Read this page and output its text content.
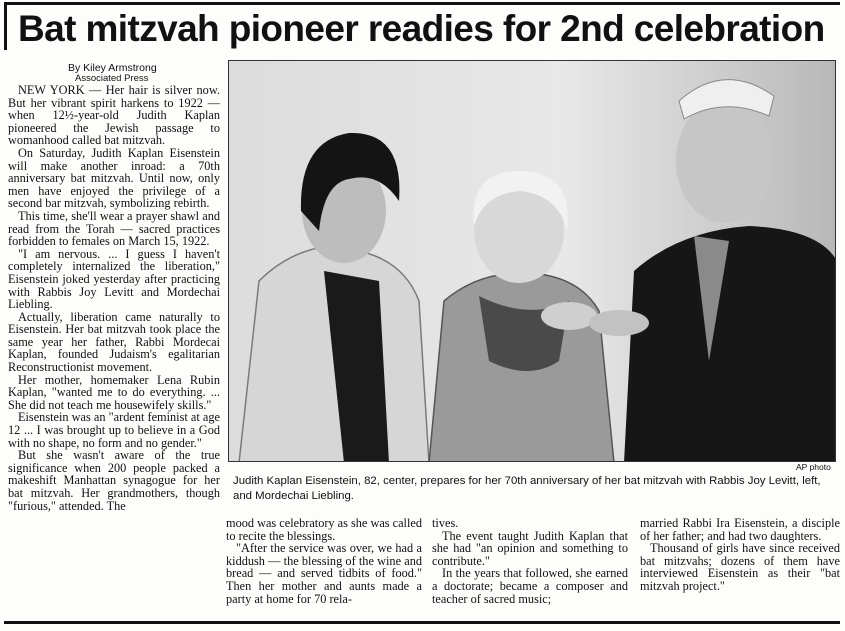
Bat mitzvah pioneer readies for 2nd celebration
By Kiley Armstrong
Associated Press

NEW YORK — Her hair is silver now. But her vibrant spirit harkens to 1922 — when 12½-year-old Judith Kaplan pioneered the Jewish passage to womanhood called bat mitzvah.

On Saturday, Judith Kaplan Eisenstein will make another inroad: a 70th anniversary bat mitzvah. Until now, only men have enjoyed the privilege of a second bar mitzvah, symbolizing rebirth.

This time, she'll wear a prayer shawl and read from the Torah — sacred practices forbidden to females on March 15, 1922.

"I am nervous. ... I guess I haven't completely internalized the liberation," Eisenstein joked yesterday after practicing with Rabbis Joy Levitt and Mordechai Liebling.

Actually, liberation came naturally to Eisenstein. Her bat mitzvah took place the same year her father, Rabbi Mordecai Kaplan, founded Judaism's egalitarian Reconstructionist movement.

Her mother, homemaker Lena Rubin Kaplan, "wanted me to do everything. ... She did not teach me housewifely skills."

Eisenstein was an "ardent feminist at age 12 ... I was brought up to believe in a God with no shape, no form and no gender."

But she wasn't aware of the true significance when 200 people packed a makeshift Manhattan synagogue for her bat mitzvah. Her grandmothers, though "furious," attended. The

AP photo
Judith Kaplan Eisenstein, 82, center, prepares for her 70th anniversary of her bat mitzvah with Rabbis Joy Levitt, left, and Mordechai Liebling.

mood was celebratory as she was called to recite the blessings.

"After the service was over, we had a kiddush — the blessing of the wine and bread — and served tidbits of food." Then her mother and aunts made a party at home for 70 rela-

tives.

The event taught Judith Kaplan that she had "an opinion and something to contribute."

In the years that followed, she earned a doctorate; became a composer and teacher of sacred music;

married Rabbi Ira Eisenstein, a disciple of her father; and had two daughters.

Thousand of girls have since received bat mitzvahs; dozens of them have interviewed Eisenstein as their "bat mitzvah project."
